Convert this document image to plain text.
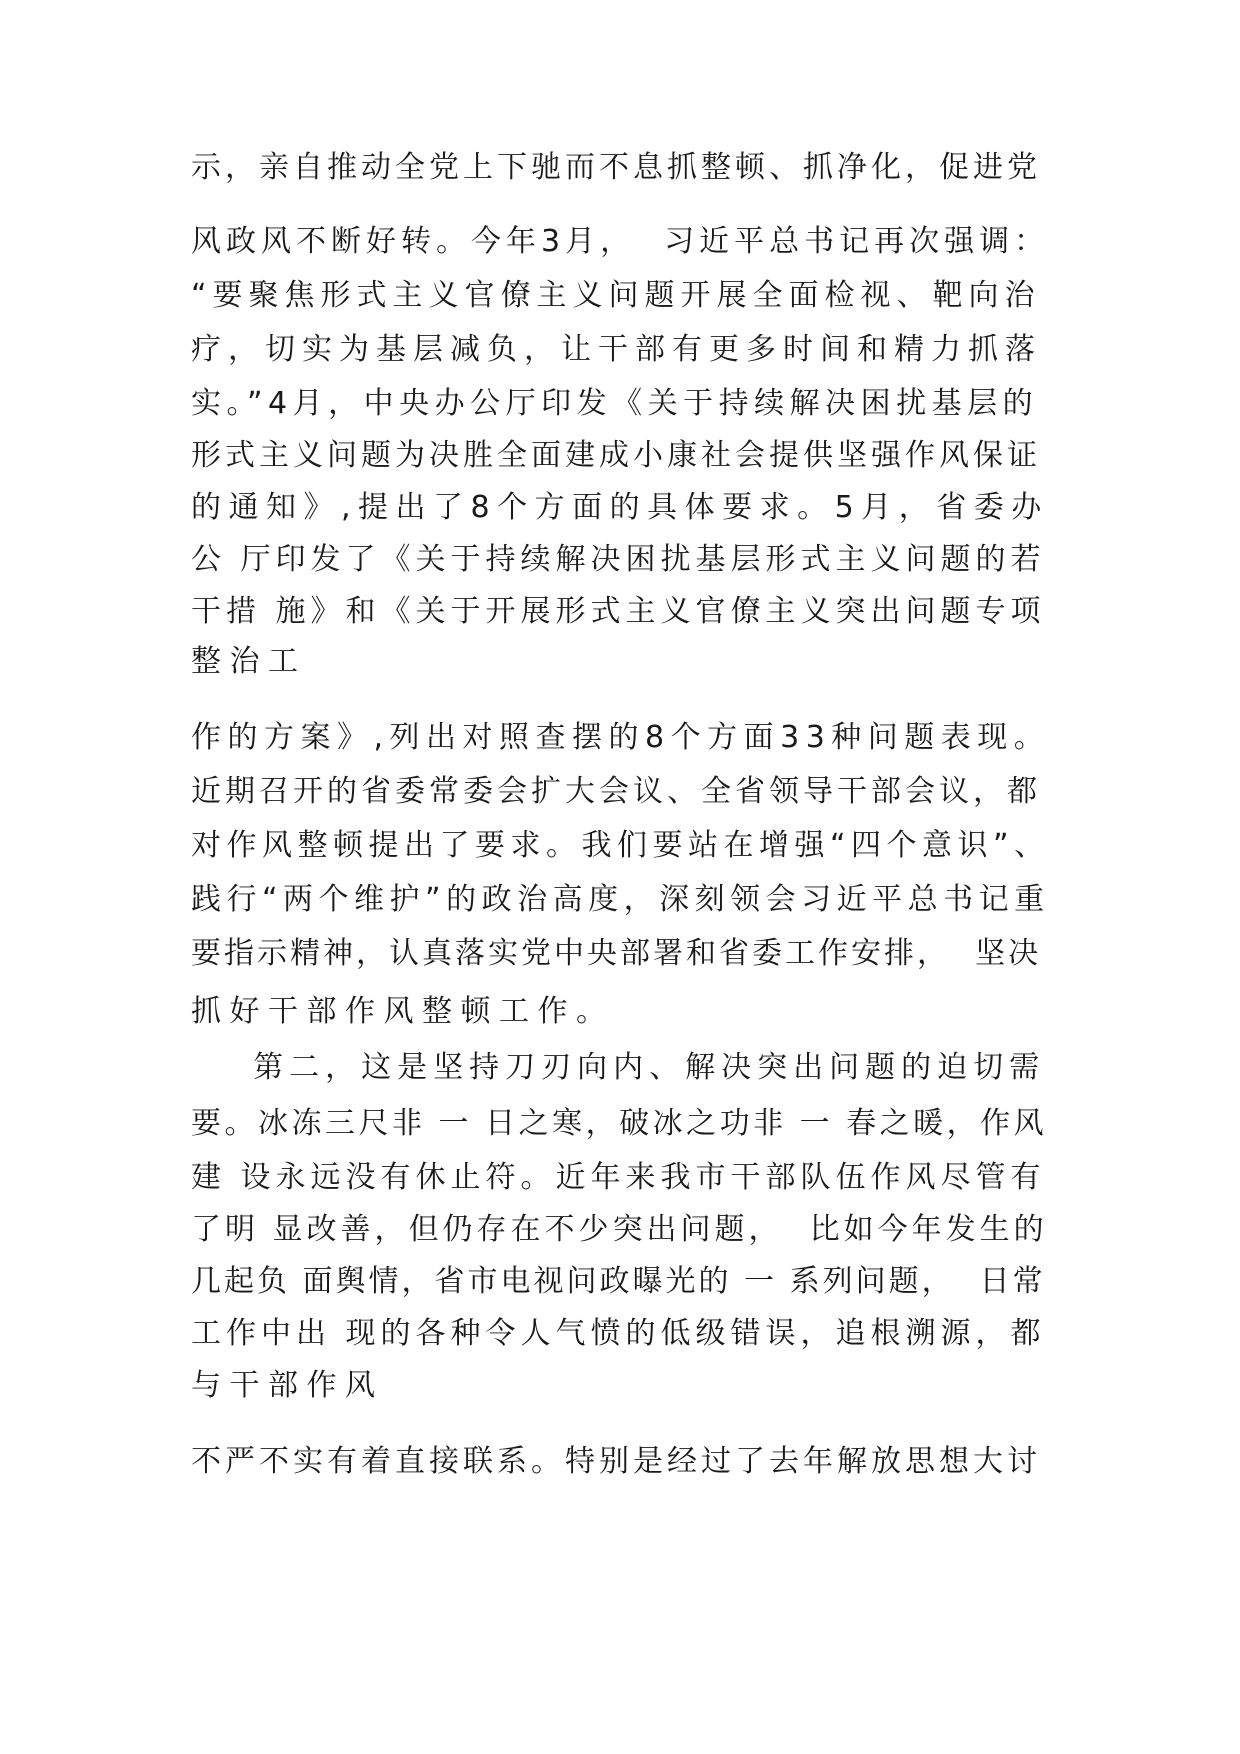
示，亲自推动全党上下驰而不息抓整顿、抓净化，促进党
风政风不断好转。今年3月，  习近平总书记再次强调：
“要聚焦形式主义官僚主义问题开展全面检视、靶向治
疗，切实为基层减负，让干部有更多时间和精力抓落
实。”4月，中央办公厅印发《关于持续解决困扰基层的
形式主义问题为决胜全面建成小康社会提供坚强作风保证
的通知》,提出了8个方面的具体要求。5月，省委办
公 厅印发了《关于持续解决困扰基层形式主义问题的若
干措 施》和《关于开展形式主义官僚主义突出问题专项
整治工
作的方案》,列出对照查摆的8个方面33种问题表现。
近期召开的省委常委会扩大会议、全省领导干部会议，都
对作风整顿提出了要求。我们要站在增强“四个意识”、
践行“两个维护”的政治高度，深刻领会习近平总书记重
要指示精神，认真落实党中央部署和省委工作安排，  坚决
抓好干部作风整顿工作。
第二，这是坚持刀刃向内、解决突出问题的迫切需
要。冰冻三尺非 一 日之寒，破冰之功非 一 春之暖，作风
建 设永远没有休止符。近年来我市干部队伍作风尽管有
了明 显改善，但仍存在不少突出问题，  比如今年发生的
几起负 面舆情，省市电视问政曝光的 一 系列问题，  日常
工作中出 现的各种令人气愤的低级错误，追根溯源，都
与干部作风
不严不实有着直接联系。特别是经过了去年解放思想大讨
